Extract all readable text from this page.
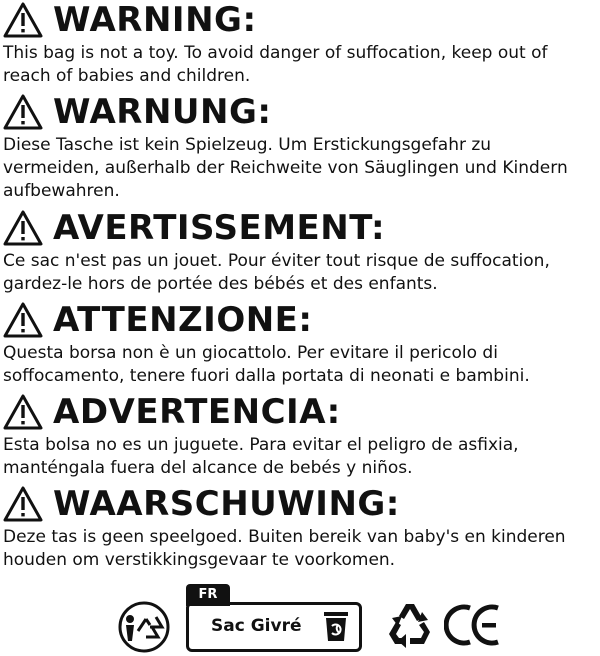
WARNING:
This bag is not a toy. To avoid danger of suffocation, keep out of
reach of babies and children.
WARNUNG:
Diese Tasche ist kein Spielzeug. Um Erstickungsgefahr zu
vermeiden, außerhalb der Reichweite von Säuglingen und Kindern
aufbewahren.
AVERTISSEMENT:
Ce sac n'est pas un jouet. Pour éviter tout risque de suffocation,
gardez-le hors de portée des bébés et des enfants.
ATTENZIONE:
Questa borsa non è un giocattolo. Per evitare il pericolo di
soffocamento, tenere fuori dalla portata di neonati e bambini.
ADVERTENCIA:
Esta bolsa no es un juguete. Para evitar el peligro de asfixia,
manténgala fuera del alcance de bebés y niños.
WAARSCHUWING:
Deze tas is geen speelgoed. Buiten bereik van baby's en kinderen
houden om verstikkingsgevaar te voorkomen.
Sac Givré
FR
